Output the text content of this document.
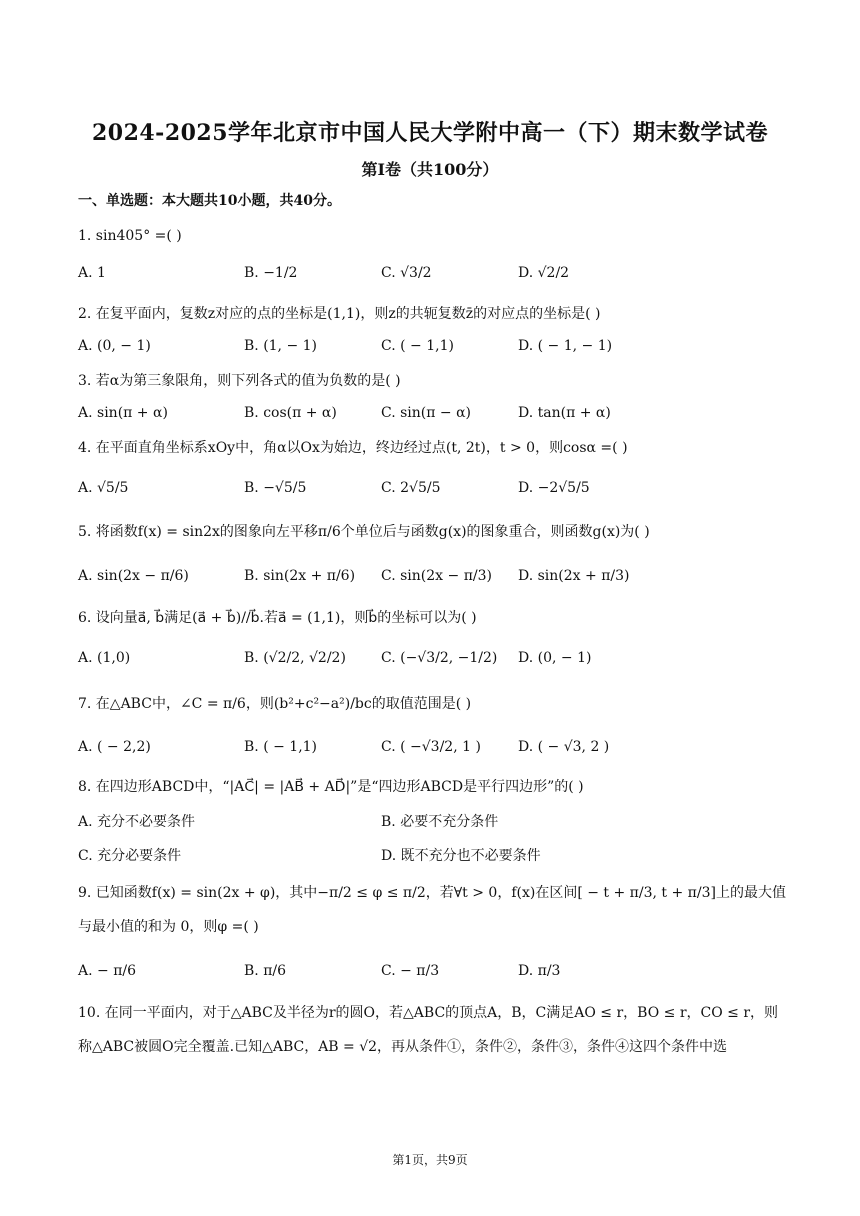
2024-2025学年北京市中国人民大学附中高一（下）期末数学试卷
第Ⅰ卷（共100分）
一、单选题：本大题共10小题，共40分。
1. sin405° =( )
A. 1	B. −1/2	C. √3/2	D. √2/2
2. 在复平面内，复数z对应的点的坐标是(1,1)，则z的共轭复数z̄的对应点的坐标是( )
A. (0, − 1)	B. (1, − 1)	C. ( − 1,1)	D. ( − 1, − 1)
3. 若α为第三象限角，则下列各式的值为负数的是( )
A. sin(π + α)	B. cos(π + α)	C. sin(π − α)	D. tan(π + α)
4. 在平面直角坐标系xOy中，角α以Ox为始边，终边经过点(t, 2t)，t > 0，则cosα =( )
A. √5/5	B. −√5/5	C. 2√5/5	D. −2√5/5
5. 将函数f(x) = sin2x的图象向左平移π/6个单位后与函数g(x)的图象重合，则函数g(x)为( )
A. sin(2x − π/6)	B. sin(2x + π/6) C. sin(2x − π/3) D. sin(2x + π/3)
6. 设向量a⃗, b⃗满足(a⃗ + b⃗)//b⃗.若a⃗ = (1,1)，则b⃗的坐标可以为( )
A. (1,0)	B. (√2/2, √2/2)	C. (−√3/2, −1/2) D. (0, − 1)
7. 在△ABC中，∠C = π/6，则(b²+c²−a²)/bc的取值范围是( )
A. ( − 2,2)	B. ( − 1,1)	C. ( −√3/2, 1 )	D. ( − √3, 2 )
8. 在四边形ABCD中，“|AC⃗| = |AB⃗ + AD⃗|”是“四边形ABCD是平行四边形”的( )
A. 充分不必要条件	B. 必要不充分条件
C. 充分必要条件	D. 既不充分也不必要条件
9. 已知函数f(x) = sin(2x + φ)，其中−π/2 ≤ φ ≤ π/2，若∀t > 0，f(x)在区间[ − t + π/3, t + π/3]上的最大值与最小值的和为 0，则φ =( )
A. − π/6	B. π/6	C. − π/3	D. π/3
10. 在同一平面内，对于△ABC及半径为r的圆O，若△ABC的顶点A，B，C满足AO ≤ r，BO ≤ r，CO ≤ r，则称△ABC被圆O完全覆盖.已知△ABC，AB = √2，再从条件①，条件②，条件③，条件④这四个条件中选
第1页，共9页
